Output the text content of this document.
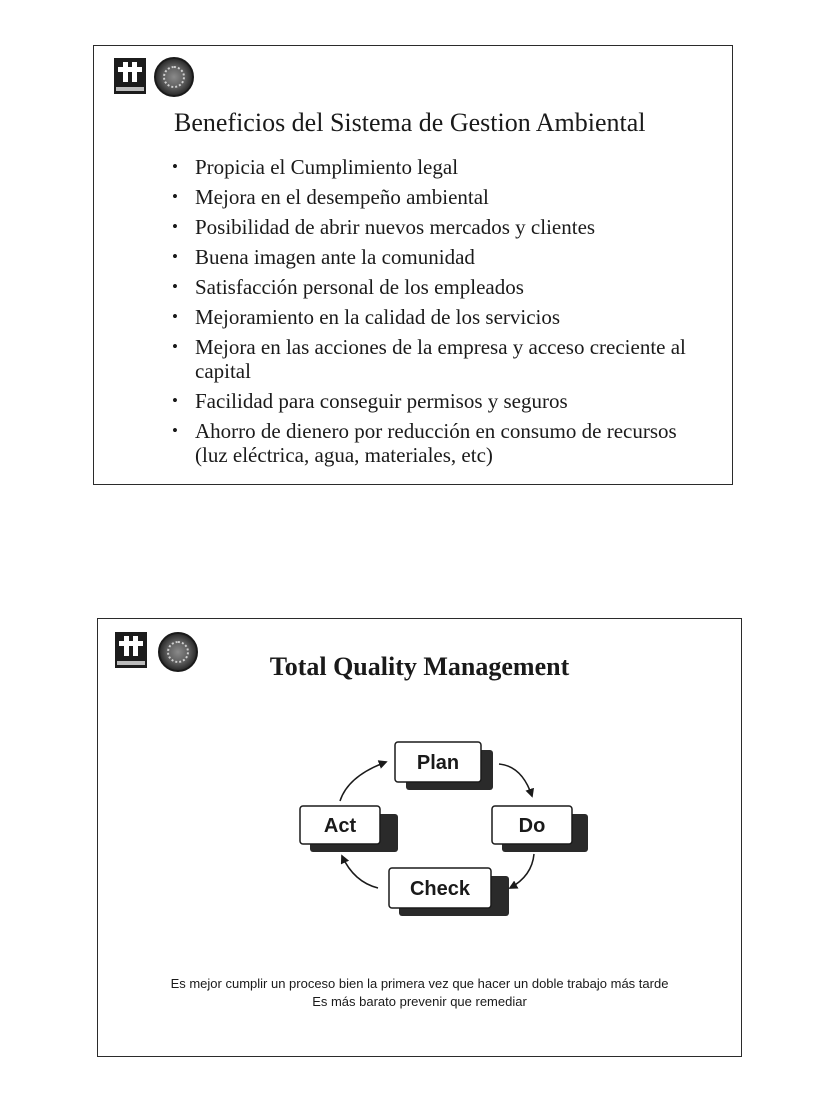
Beneficios del Sistema de Gestion Ambiental
• Propicia el Cumplimiento legal
• Mejora en el desempeño ambiental
• Posibilidad de abrir nuevos mercados y clientes
• Buena imagen ante la comunidad
• Satisfacción personal de los empleados
• Mejoramiento en la calidad de los servicios
• Mejora en las acciones de la empresa y acceso creciente al capital
• Facilidad para conseguir permisos y seguros
• Ahorro de dienero por reducción en consumo de recursos (luz eléctrica, agua, materiales, etc)
Total Quality Management
Plan
Do
Act
Check
Es mejor cumplir un proceso bien la primera vez que hacer un doble trabajo más tarde
Es más barato prevenir que remediar
